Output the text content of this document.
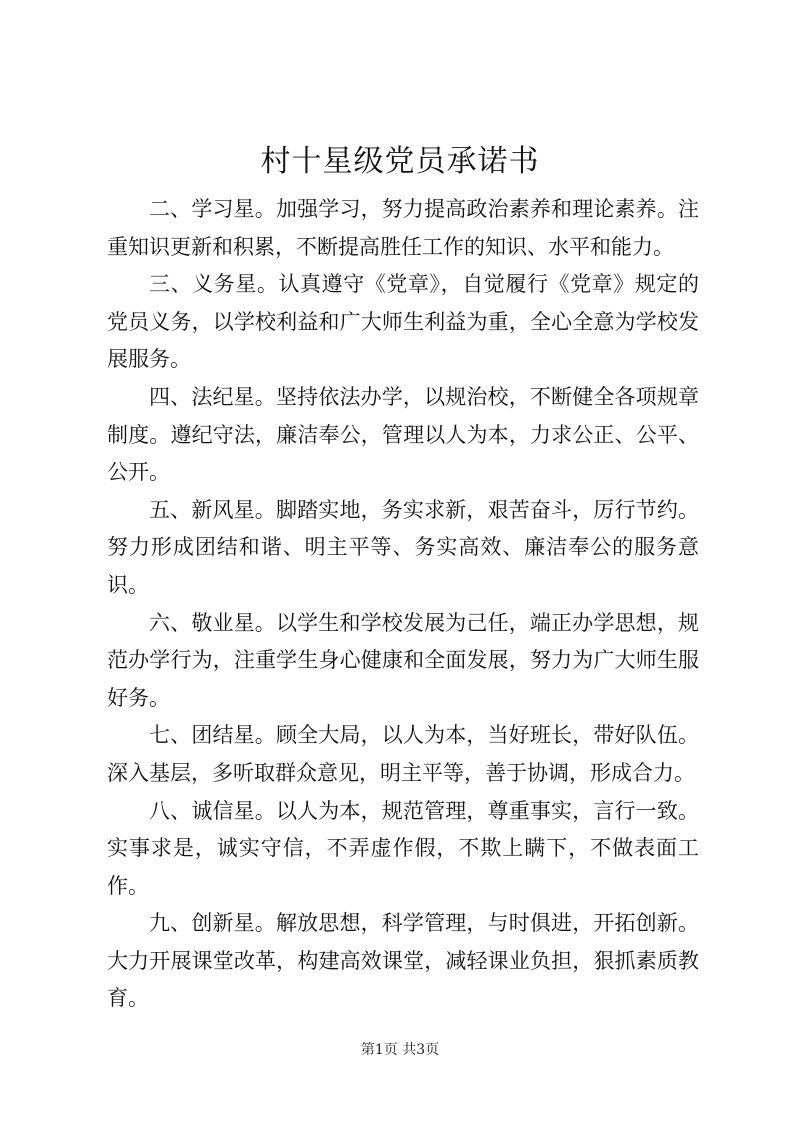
村十星级党员承诺书

二、学习星。加强学习，努力提高政治素养和理论素养。注重知识更新和积累，不断提高胜任工作的知识、水平和能力。

三、义务星。认真遵守《党章》，自觉履行《党章》规定的党员义务，以学校利益和广大师生利益为重，全心全意为学校发展服务。

四、法纪星。坚持依法办学，以规治校，不断健全各项规章制度。遵纪守法，廉洁奉公，管理以人为本，力求公正、公平、公开。

五、新风星。脚踏实地，务实求新，艰苦奋斗，厉行节约。努力形成团结和谐、明主平等、务实高效、廉洁奉公的服务意识。

六、敬业星。以学生和学校发展为己任，端正办学思想，规范办学行为，注重学生身心健康和全面发展，努力为广大师生服好务。

七、团结星。顾全大局，以人为本，当好班长，带好队伍。深入基层，多听取群众意见，明主平等，善于协调，形成合力。

八、诚信星。以人为本，规范管理，尊重事实，言行一致。实事求是，诚实守信，不弄虚作假，不欺上瞒下，不做表面工作。

九、创新星。解放思想，科学管理，与时俱进，开拓创新。大力开展课堂改革，构建高效课堂，减轻课业负担，狠抓素质教育。

第1页 共3页
